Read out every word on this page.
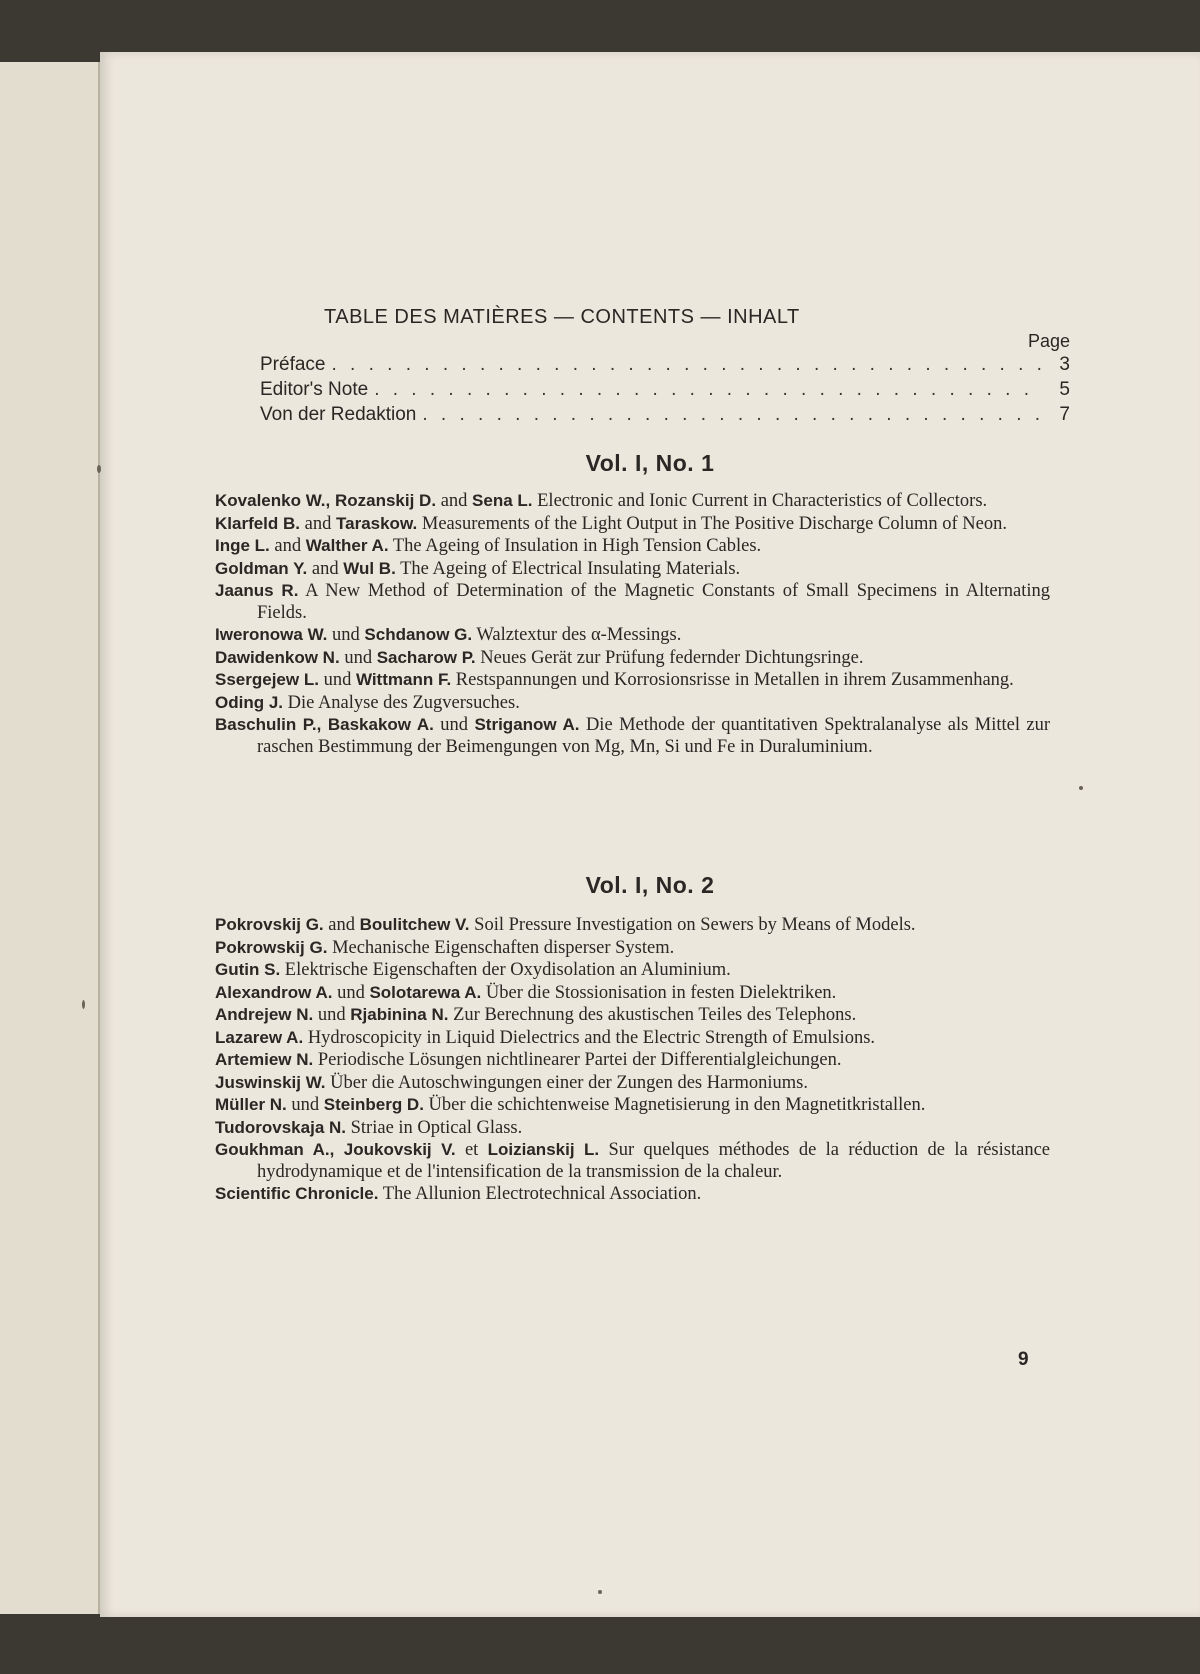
TABLE DES MATIÈRES — CONTENTS — INHALT
Page
Préface . . .	3
Editor's Note . . .	5
Von der Redaktion . . .	7
Vol. I, No. 1

Kovalenko W., Rozanskij D. and Sena L. Electronic and Ionic Current in Characteristics of Collectors.

Klarfeld B. and Taraskow. Measurements of the Light Output in The Positive Discharge Column of Neon.

Inge L. and Walther A. The Ageing of Insulation in High Tension Cables.

Goldman Y. and Wul B. The Ageing of Electrical Insulating Materials.

Jaanus R. A New Method of Determination of the Magnetic Constants of Small Specimens in Alternating Fields.

Iweronowa W. und Schdanow G. Walztextur des α-Messings.

Dawidenkow N. und Sacharow P. Neues Gerät zur Prüfung federnder Dichtungsringe.

Ssergejew L. und Wittmann F. Restspannungen und Korrosionsrisse in Metallen in ihrem Zusammenhang.

Oding J. Die Analyse des Zugversuches.

Baschulin P., Baskakow A. und Striganow A. Die Methode der quantitativen Spektralanalyse als Mittel zur raschen Bestimmung der Beimengungen von Mg, Mn, Si und Fe in Duraluminium.

Vol. I, No. 2

Pokrovskij G. and Boulitchew V. Soil Pressure Investigation on Sewers by Means of Models.

Pokrowskij G. Mechanische Eigenschaften disperser System.

Gutin S. Elektrische Eigenschaften der Oxydisolation an Aluminium.

Alexandrow A. und Solotarewa A. Über die Stossionisation in festen Dielektriken.

Andrejew N. und Rjabinina N. Zur Berechnung des akustischen Teiles des Telephons.

Lazarew A. Hydroscopicity in Liquid Dielectrics and the Electric Strength of Emulsions.

Artemiew N. Periodische Lösungen nichtlinearer Partei der Differentialgleichungen.

Juswinskij W. Über die Autoschwingungen einer der Zungen des Harmoniums.

Müller N. und Steinberg D. Über die schichtenweise Magnetisierung in den Magnetitkristallen.

Tudorovskaja N. Striae in Optical Glass.

Goukhman A., Joukovskij V. et Loizianskij L. Sur quelques méthodes de la réduction de la résistance hydrodynamique et de l'intensification de la transmission de la chaleur.

Scientific Chronicle. The Allunion Electrotechnical Association.

9
